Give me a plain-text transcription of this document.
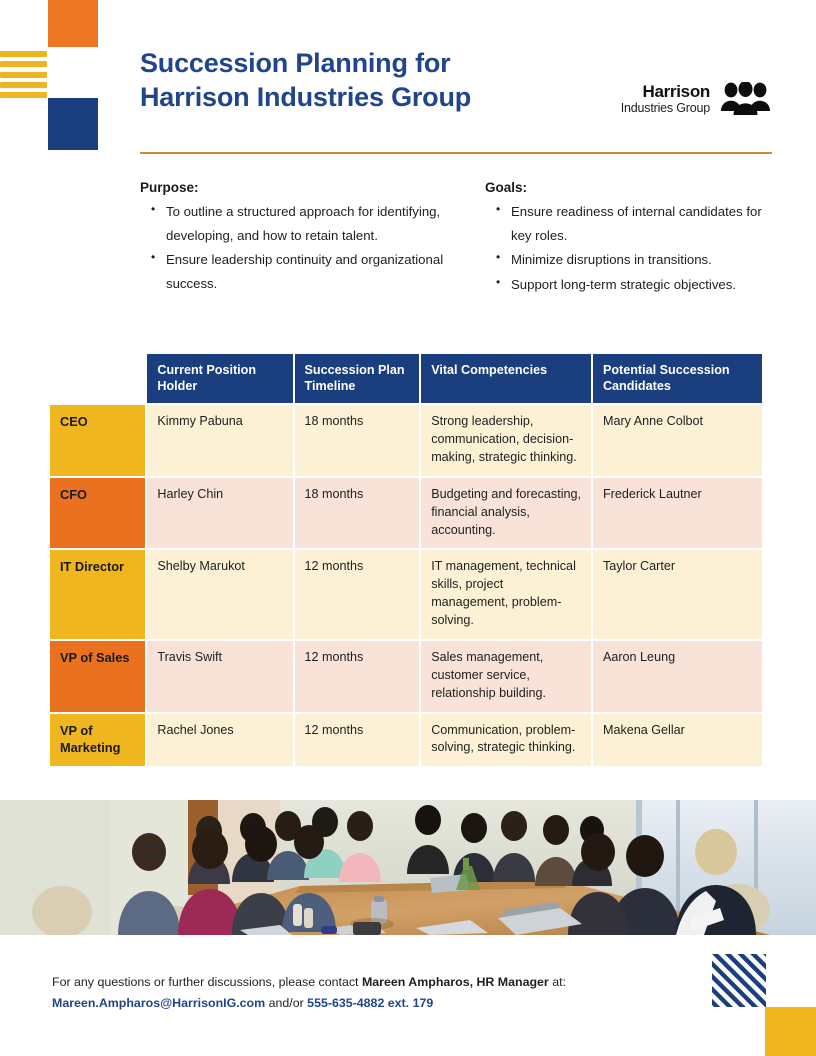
Succession Planning for
Harrison Industries Group	Harrison
Industries Group
Purpose:
• To outline a structured approach for identifying, developing, and how to retain talent.
• Ensure leadership continuity and organizational success.
Goals:
• Ensure readiness of internal candidates for key roles.
• Minimize disruptions in transitions.
• Support long-term strategic objectives.
	Current Position Holder	Succession Plan Timeline	Vital Competencies	Potential Succession Candidates
CEO	Kimmy Pabuna	18 months	Strong leadership, communication, decision-making, strategic thinking.	Mary Anne Colbot
CFO	Harley Chin	18 months	Budgeting and forecasting, financial analysis, accounting.	Frederick Lautner
IT Director	Shelby Marukot	12 months	IT management, technical skills, project management, problem-solving.	Taylor Carter
VP of Sales	Travis Swift	12 months	Sales management, customer service, relationship building.	Aaron Leung
VP of Marketing	Rachel Jones	12 months	Communication, problem-solving, strategic thinking.	Makena Gellar
For any questions or further discussions, please contact Mareen Ampharos, HR Manager at:
Mareen.Ampharos@HarrisonIG.com and/or 555-635-4882 ext. 179
